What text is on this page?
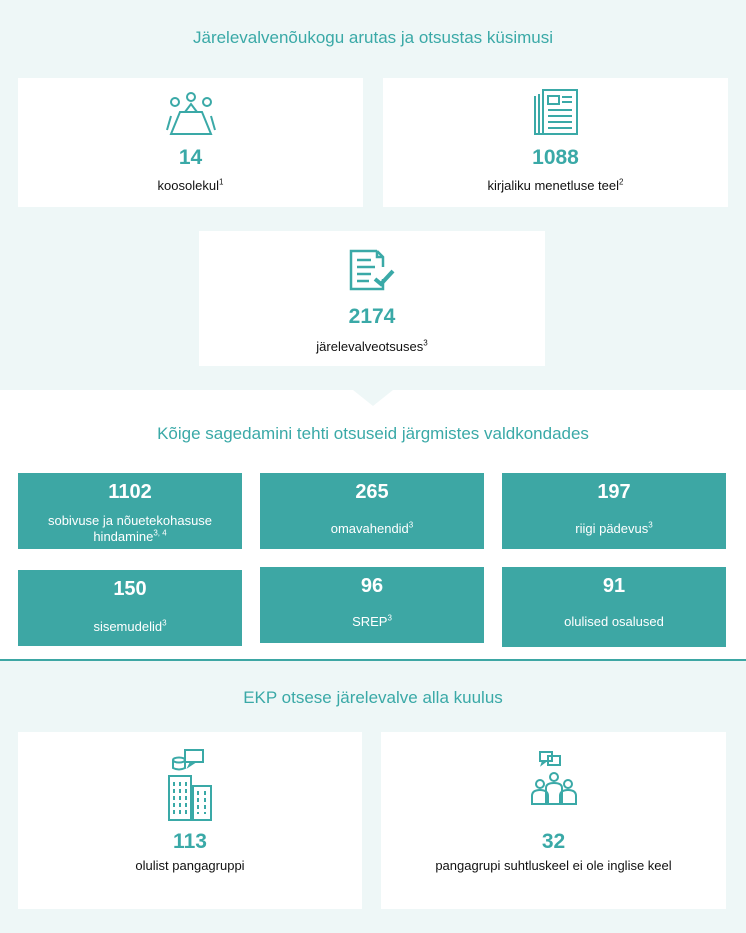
Järelevalvenõukogu arutas ja otsustas küsimusi
14
koosolekul$^1$
1088
kirjaliku menetluse teel$^2$
2174
järelevalveotsuses$^3$
Kõige sagedamini tehti otsuseid järgmistes valdkondades
1102
sobivuse ja nõuetekohasuse hindamine$^{3, 4}$
265
omavahendid$^3$
197
riigi pädevus$^3$
150
sisemudelid$^3$
96
SREP$^3$
91
olulised osalused
EKP otsese järelevalve alla kuulus
113
olulist pangagruppi
32
pangagrupi suhtluskeel ei ole inglise keel
